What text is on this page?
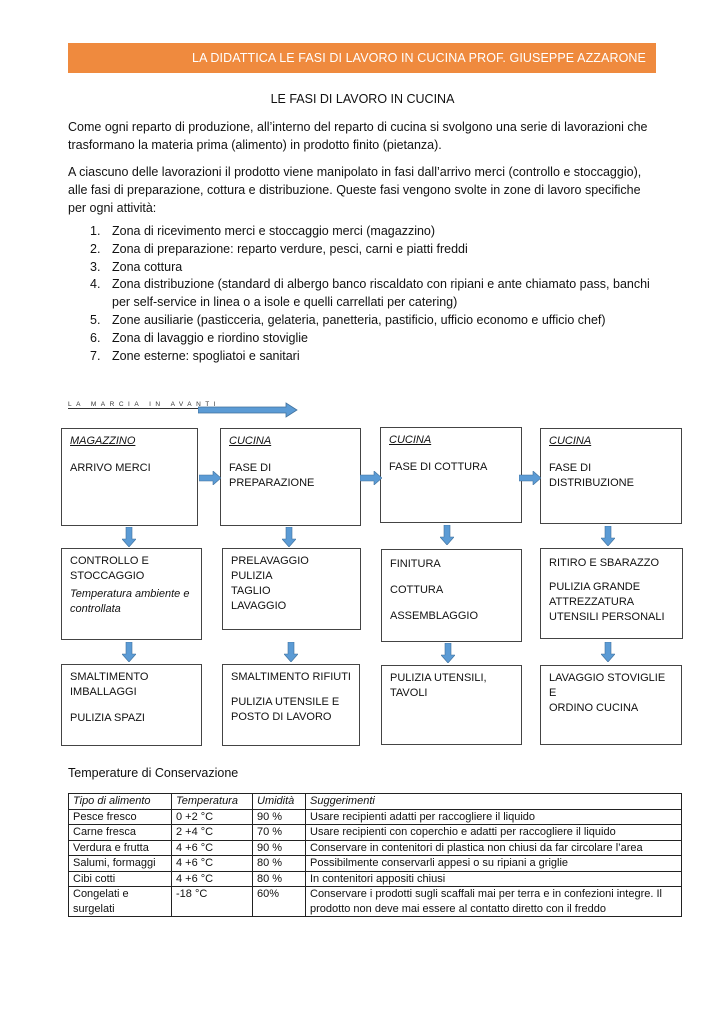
LA DIDATTICA LE FASI DI LAVORO IN CUCINA PROF. GIUSEPPE AZZARONE
LE FASI DI LAVORO IN CUCINA

Come ogni reparto di produzione, all’interno del reparto di cucina si svolgono una serie di lavorazioni che trasformano la materia prima (alimento) in prodotto finito (pietanza).

A ciascuno delle lavorazioni il prodotto viene manipolato in fasi dall’arrivo merci (controllo e stoccaggio), alle fasi di preparazione, cottura e distribuzione. Queste fasi vengono svolte in zone di lavoro specifiche per ogni attività:

1. Zona di ricevimento merci e stoccaggio merci (magazzino)
2. Zona di preparazione: reparto verdure, pesci, carni e piatti freddi
3. Zona cottura
4. Zona distribuzione (standard di albergo banco riscaldato con ripiani e ante chiamato pass, banchi per self-service in linea o a isole e quelli carrellati per catering)
5. Zone ausiliarie (pasticceria, gelateria, panetteria, pastificio, ufficio economo e ufficio chef)
6. Zona di lavaggio e riordino stoviglie
7. Zone esterne: spogliatoi e sanitari
LA MARCIA IN AVANTI

MAGAZZINO

ARRIVO MERCI

CUCINA

FASE DI PREPARAZIONE

CUCINA

FASE DI COTTURA

CUCINA

FASE DI DISTRIBUZIONE

CONTROLLO E

STOCCAGGIO

Temperatura ambiente e

controllata

PRELAVAGGIO

PULIZIA

TAGLIO

LAVAGGIO

FINITURA

COTTURA

ASSEMBLAGGIO

RITIRO E SBARAZZO

PULIZIA GRANDE

ATTREZZATURA

UTENSILI PERSONALI

SMALTIMENTO

IMBALLAGGI

PULIZIA SPAZI

SMALTIMENTO RIFIUTI

PULIZIA UTENSILE E

POSTO DI LAVORO

PULIZIA UTENSILI,

TAVOLI

LAVAGGIO STOVIGLIE E

ORDINO CUCINA

Temperature di Conservazione
Tipo di alimento	Temperatura	Umidità	Suggerimenti
Pesce fresco	0 +2 °C	90 %	Usare recipienti adatti per raccogliere il liquido
Carne fresca	2 +4 °C	70 %	Usare recipienti con coperchio e adatti per raccogliere il liquido
Verdura e frutta	4 +6 °C	90 %	Conservare in contenitori di plastica non chiusi da far circolare l’area
Salumi, formaggi	4 +6 °C	80 %	Possibilmente conservarli appesi o su ripiani a griglie
Cibi cotti	4 +6 °C	80 %	In contenitori appositi chiusi
Congelati e surgelati	-18 °C	60%	Conservare i prodotti sugli scaffali mai per terra e in confezioni integre. Il prodotto non deve mai essere al contatto diretto con il freddo
